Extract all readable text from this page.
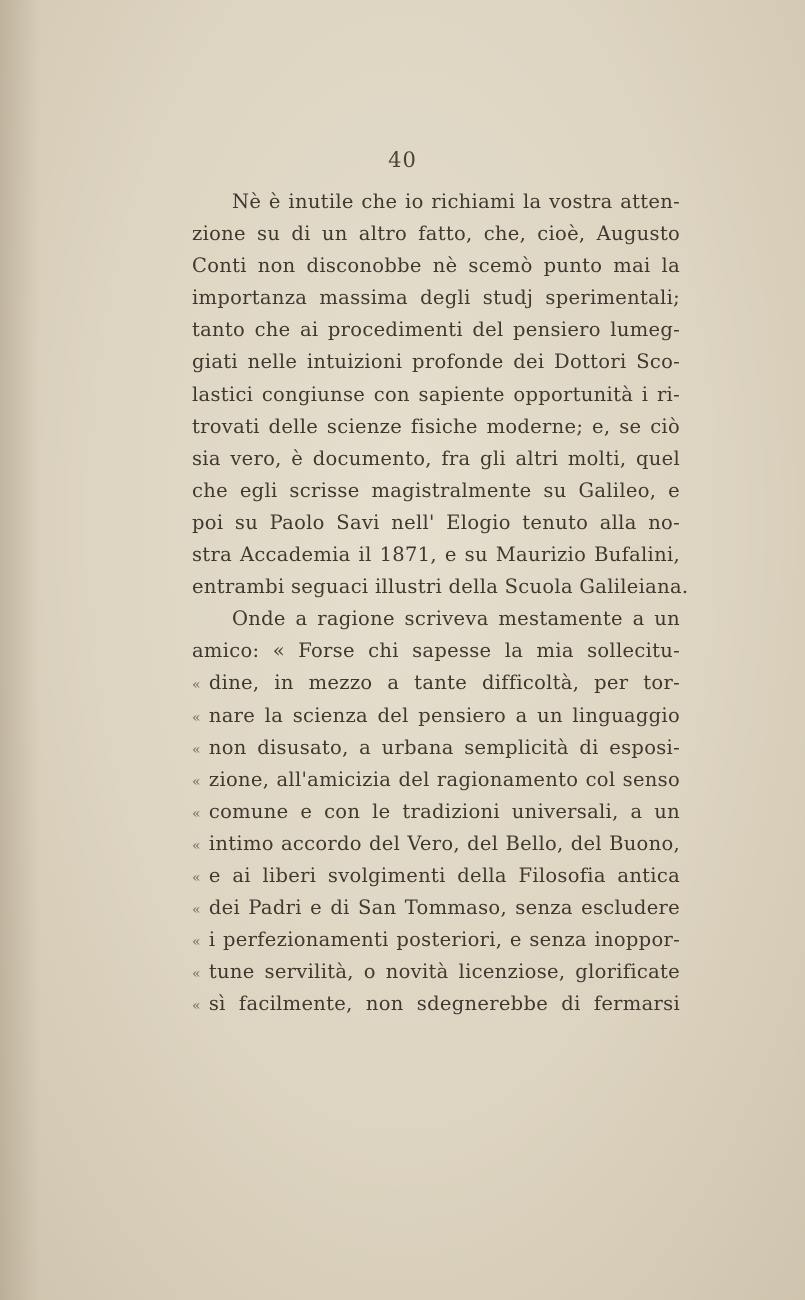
40
Nè è inutile che io richiami la vostra atten-
zione su di un altro fatto, che, cioè, Augusto
Conti non disconobbe nè scemò punto mai la
importanza massima degli studj sperimentali;
tanto che ai procedimenti del pensiero lumeg-
giati nelle intuizioni profonde dei Dottori Sco-
lastici congiunse con sapiente opportunità i ri-
trovati delle scienze fisiche moderne; e, se ciò
sia vero, è documento, fra gli altri molti, quel
che egli scrisse magistralmente su Galileo, e
poi su Paolo Savi nell' Elogio tenuto alla no-
stra Accademia il 1871, e su Maurizio Bufalini,
entrambi seguaci illustri della Scuola Galileiana.
Onde a ragione scriveva mestamente a un
amico: « Forse chi sapesse la mia sollecitu-
« dine, in mezzo a tante difficoltà, per tor-
« nare la scienza del pensiero a un linguaggio
« non disusato, a urbana semplicità di esposi-
« zione, all'amicizia del ragionamento col senso
« comune e con le tradizioni universali, a un
« intimo accordo del Vero, del Bello, del Buono,
« e ai liberi svolgimenti della Filosofia antica
« dei Padri e di San Tommaso, senza escludere
« i perfezionamenti posteriori, e senza inoppor-
« tune servilità, o novità licenziose, glorificate
« sì facilmente, non sdegnerebbe di fermarsi
